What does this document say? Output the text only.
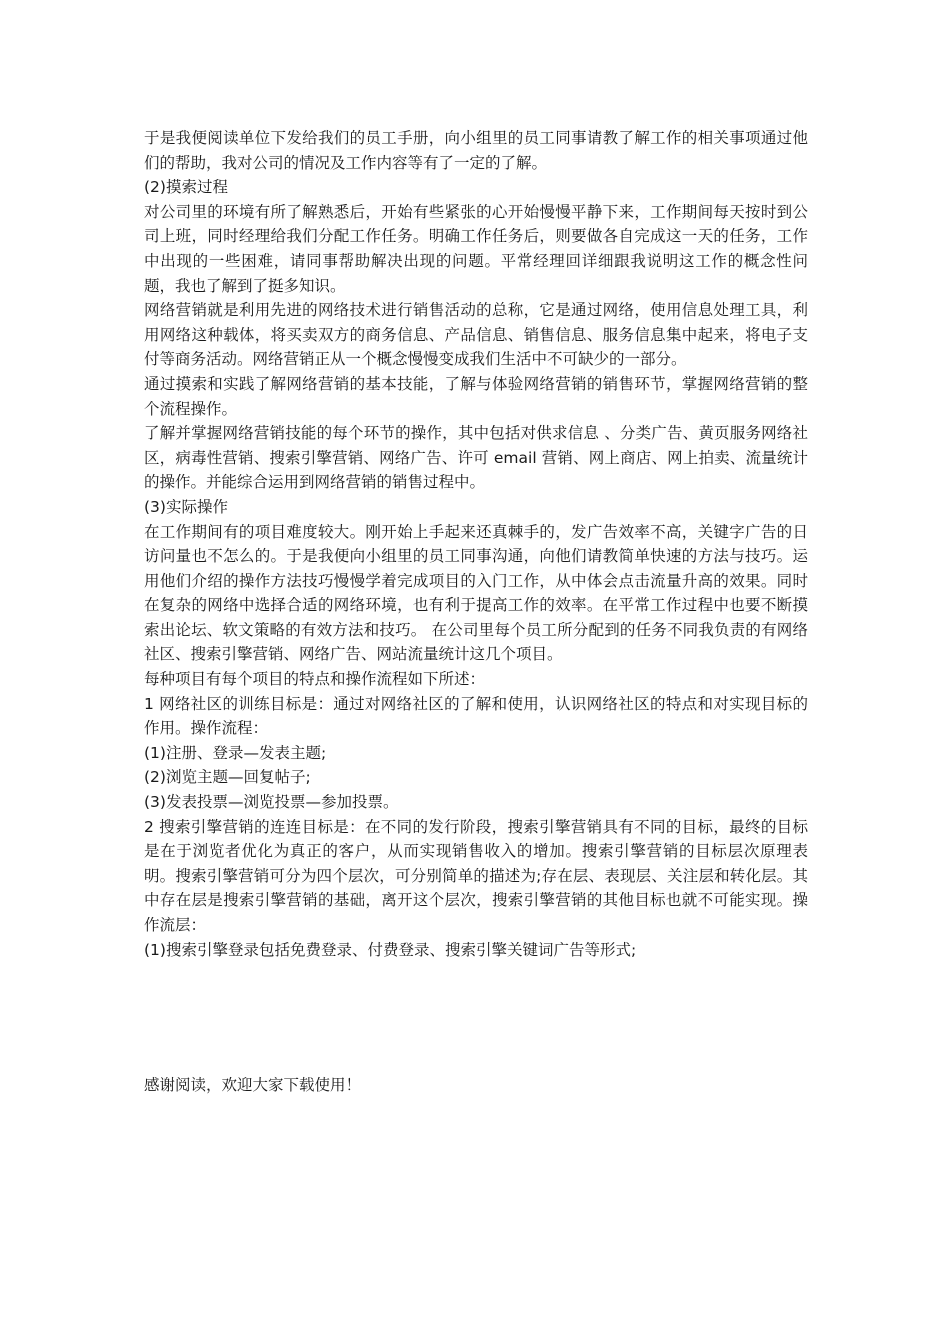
于是我便阅读单位下发给我们的员工手册，向小组里的员工同事请教了解工作的相关事项通过他们的帮助，我对公司的情况及工作内容等有了一定的了解。

(2)摸索过程

对公司里的环境有所了解熟悉后，开始有些紧张的心开始慢慢平静下来，工作期间每天按时到公司上班，同时经理给我们分配工作任务。明确工作任务后，则要做各自完成这一天的任务，工作中出现的一些困难，请同事帮助解决出现的问题。平常经理回详细跟我说明这工作的概念性问题，我也了解到了挺多知识。

网络营销就是利用先进的网络技术进行销售活动的总称，它是通过网络，使用信息处理工具，利用网络这种载体，将买卖双方的商务信息、产品信息、销售信息、服务信息集中起来，将电子支付等商务活动。网络营销正从一个概念慢慢变成我们生活中不可缺少的一部分。

通过摸索和实践了解网络营销的基本技能，了解与体验网络营销的销售环节，掌握网络营销的整个流程操作。

了解并掌握网络营销技能的每个环节的操作，其中包括对供求信息 、分类广告、黄页服务网络社区，病毒性营销、搜索引擎营销、网络广告、许可 email 营销、网上商店、网上拍卖、流量统计的操作。并能综合运用到网络营销的销售过程中。

(3)实际操作

在工作期间有的项目难度较大。刚开始上手起来还真棘手的，发广告效率不高，关键字广告的日访问量也不怎么的。于是我便向小组里的员工同事沟通，向他们请教简单快速的方法与技巧。运用他们介绍的操作方法技巧慢慢学着完成项目的入门工作，从中体会点击流量升高的效果。同时在复杂的网络中选择合适的网络环境，也有利于提高工作的效率。在平常工作过程中也要不断摸索出论坛、软文策略的有效方法和技巧。 在公司里每个员工所分配到的任务不同我负责的有网络社区、搜索引擎营销、网络广告、网站流量统计这几个项目。

每种项目有每个项目的特点和操作流程如下所述：

1 网络社区的训练目标是：通过对网络社区的了解和使用，认识网络社区的特点和对实现目标的作用。操作流程：

(1)注册、登录—发表主题;

(2)浏览主题—回复帖子;

(3)发表投票—浏览投票—参加投票。

2 搜索引擎营销的连连目标是：在不同的发行阶段，搜索引擎营销具有不同的目标，最终的目标是在于浏览者优化为真正的客户，从而实现销售收入的增加。搜索引擎营销的目标层次原理表明。搜索引擎营销可分为四个层次，可分别简单的描述为;存在层、表现层、关注层和转化层。其中存在层是搜索引擎营销的基础，离开这个层次，搜索引擎营销的其他目标也就不可能实现。操作流层：

(1)搜索引擎登录包括免费登录、付费登录、搜索引擎关键词广告等形式;

感谢阅读，欢迎大家下载使用！
